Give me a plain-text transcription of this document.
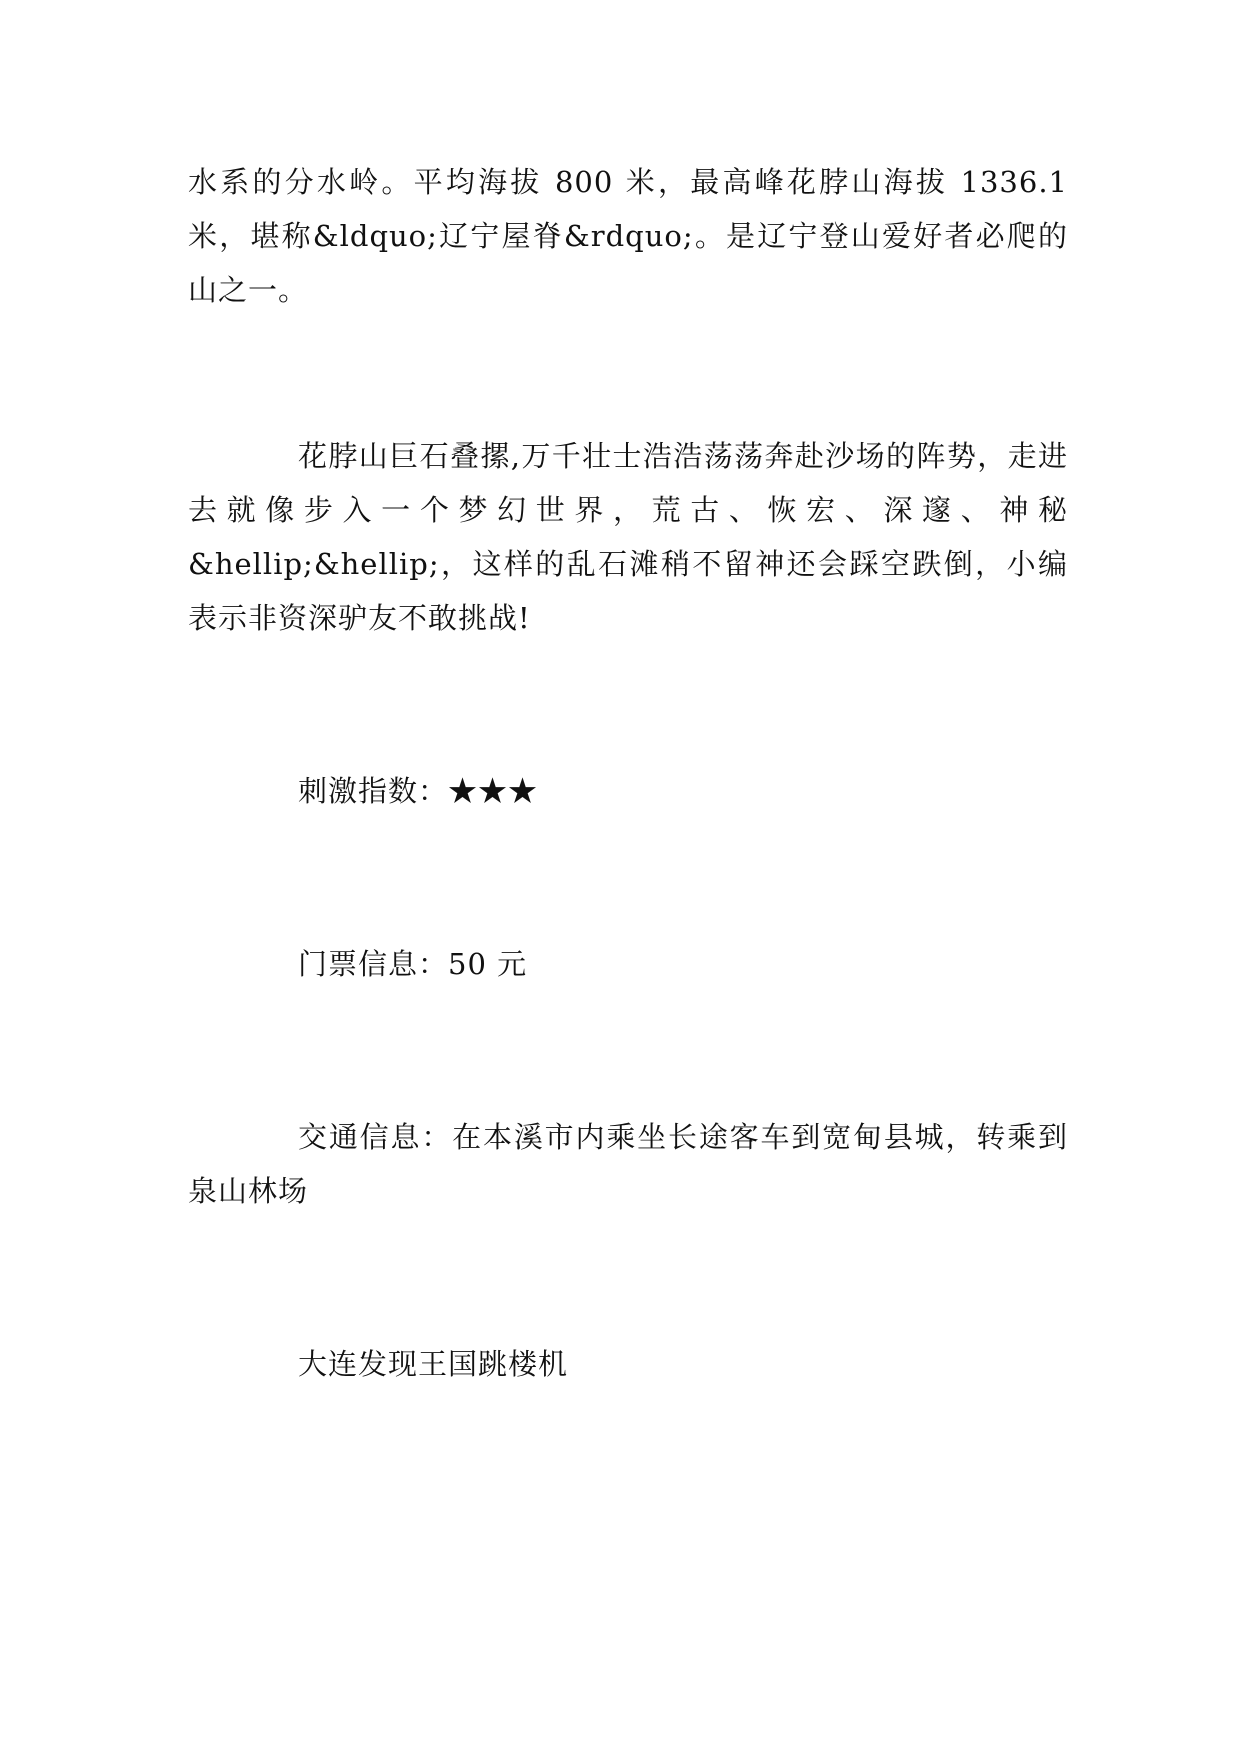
水系的分水岭。平均海拔 800 米，最高峰花脖山海拔 1336.1 米，堪称&ldquo;辽宁屋脊&rdquo;。是辽宁登山爱好者必爬的山之一。

花脖山巨石叠摞,万千壮士浩浩荡荡奔赴沙场的阵势，走进去就像步入一个梦幻世界，荒古、恢宏、深邃、神秘&hellip;&hellip;，这样的乱石滩稍不留神还会踩空跌倒，小编表示非资深驴友不敢挑战!

刺激指数：★★★

门票信息：50 元

交通信息：在本溪市内乘坐长途客车到宽甸县城，转乘到泉山林场

大连发现王国跳楼机
